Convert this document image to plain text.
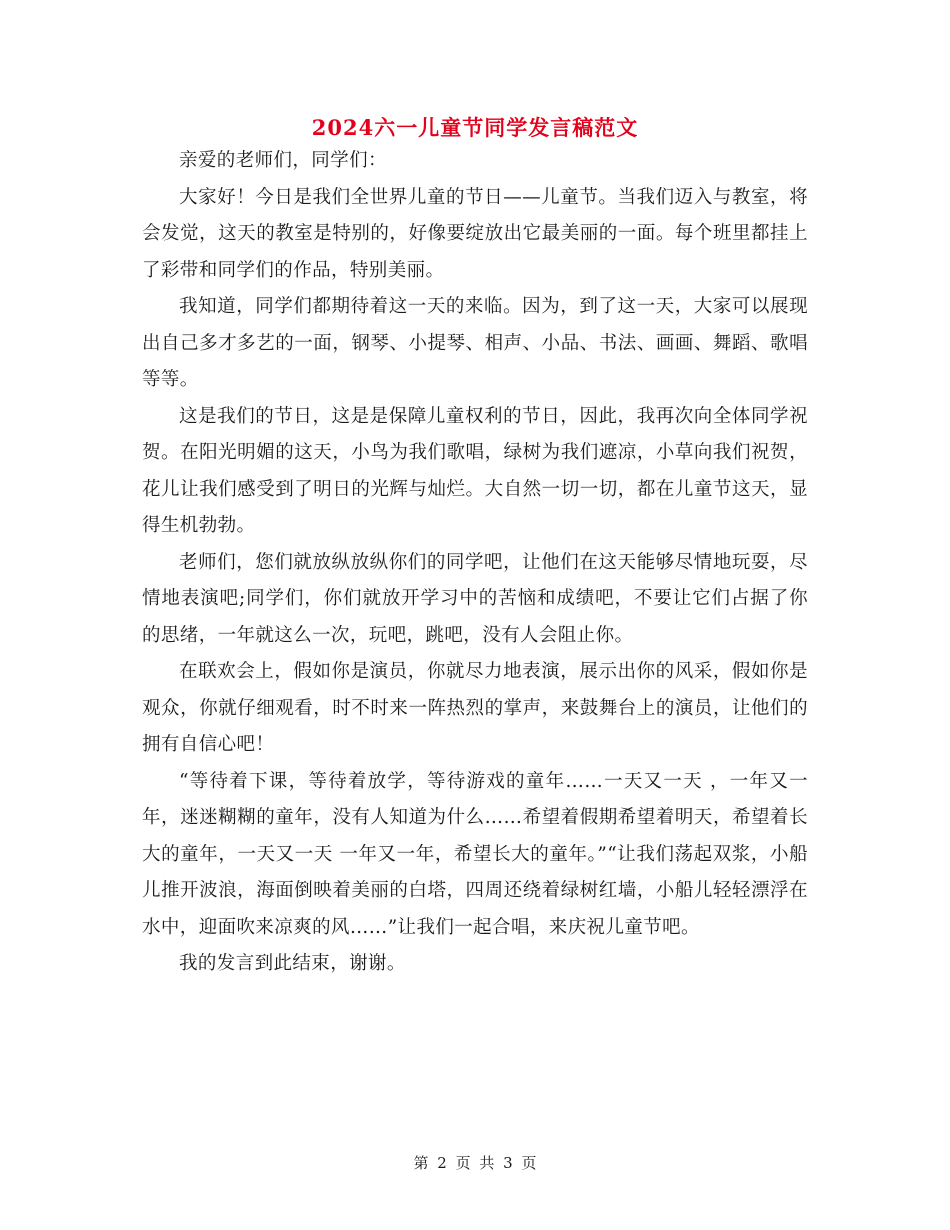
2024六一儿童节同学发言稿范文

亲爱的老师们，同学们：

大家好！今日是我们全世界儿童的节日——儿童节。当我们迈入与教室，将会发觉，这天的教室是特别的，好像要绽放出它最美丽的一面。每个班里都挂上了彩带和同学们的作品，特别美丽。

我知道，同学们都期待着这一天的来临。因为，到了这一天，大家可以展现出自己多才多艺的一面，钢琴、小提琴、相声、小品、书法、画画、舞蹈、歌唱等等。

这是我们的节日，这是是保障儿童权利的节日，因此，我再次向全体同学祝贺。在阳光明媚的这天，小鸟为我们歌唱，绿树为我们遮凉，小草向我们祝贺，花儿让我们感受到了明日的光辉与灿烂。大自然一切一切，都在儿童节这天，显得生机勃勃。

老师们，您们就放纵放纵你们的同学吧，让他们在这天能够尽情地玩耍，尽情地表演吧;同学们，你们就放开学习中的苦恼和成绩吧，不要让它们占据了你的思绪，一年就这么一次，玩吧，跳吧，没有人会阻止你。

在联欢会上，假如你是演员，你就尽力地表演，展示出你的风采，假如你是观众，你就仔细观看，时不时来一阵热烈的掌声，来鼓舞台上的演员，让他们的拥有自信心吧！

“等待着下课，等待着放学，等待游戏的童年……一天又一天 ，一年又一年，迷迷糊糊的童年，没有人知道为什么……希望着假期希望着明天，希望着长大的童年，一天又一天 一年又一年，希望长大的童年。”“让我们荡起双浆，小船儿推开波浪，海面倒映着美丽的白塔，四周还绕着绿树红墙，小船儿轻轻漂浮在水中，迎面吹来凉爽的风……”让我们一起合唱，来庆祝儿童节吧。

我的发言到此结束，谢谢。

第 2 页 共 3 页
